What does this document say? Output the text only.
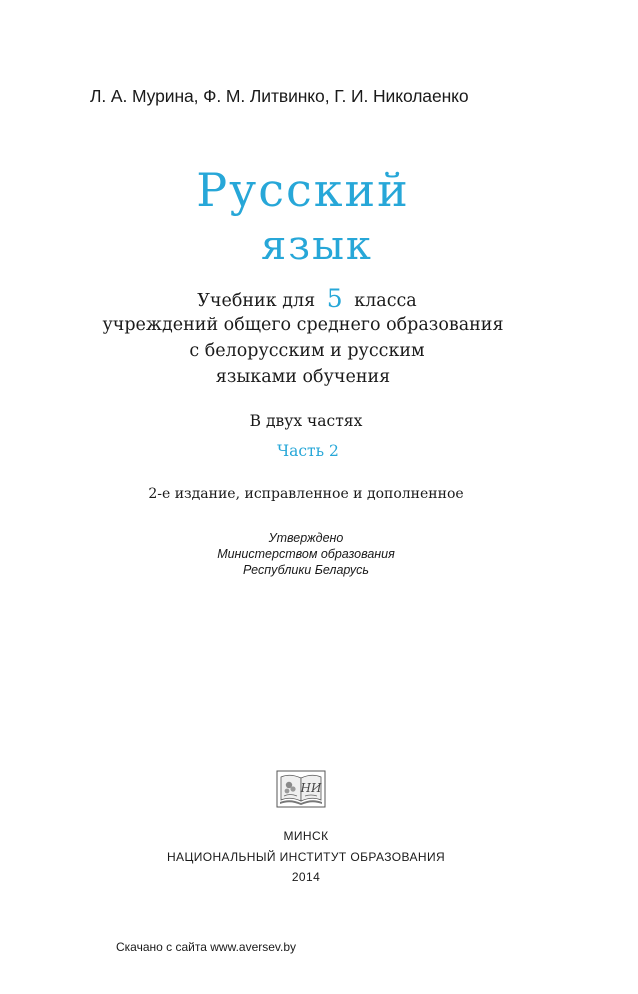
Л. А. Мурина, Ф. М. Литвинко, Г. И. Николаенко
Русский
язык
Учебник для 5 класса
учреждений общего среднего образования
с белорусским и русским
языками обучения
В двух частях
Часть 2
2-е издание, исправленное и дополненное
Утверждено
Министерством образования
Республики Беларусь
НИ
МИНСК
НАЦИОНАЛЬНЫЙ ИНСТИТУТ ОБРАЗОВАНИЯ
2014
Скачано с сайта www.aversev.by
